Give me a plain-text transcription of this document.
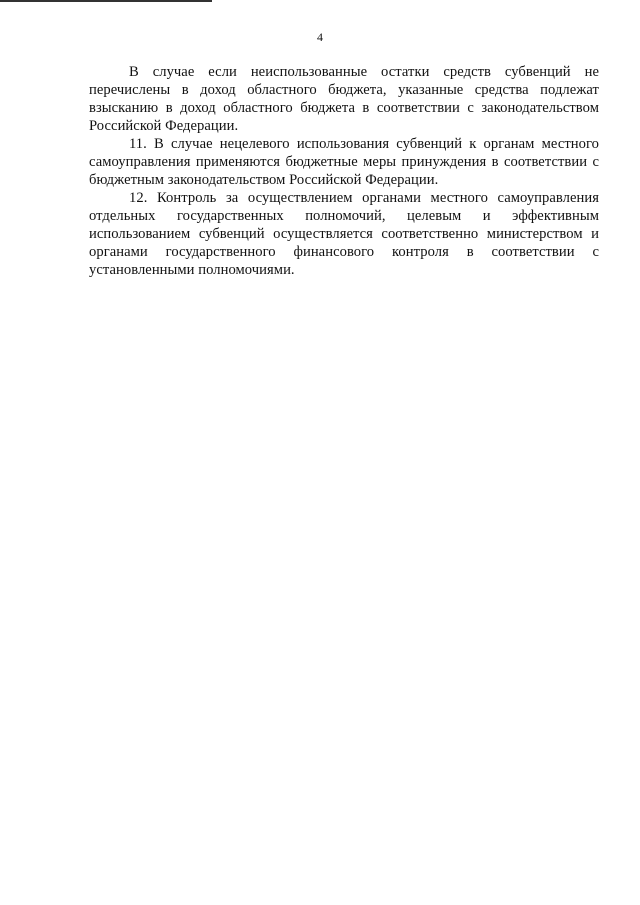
4

В случае если неиспользованные остатки средств субвенций не перечислены в доход областного бюджета, указанные средства подлежат взысканию в доход областного бюджета в соответствии с законодательством Российской Федерации.

11. В случае нецелевого использования субвенций к органам местного самоуправления применяются бюджетные меры принуждения в соответствии с бюджетным законодательством Российской Федерации.

12. Контроль за осуществлением органами местного самоуправления отдельных государственных полномочий, целевым и эффективным использованием субвенций осуществляется соответственно министерством и органами государственного финансового контроля в соответствии с установленными полномочиями.
